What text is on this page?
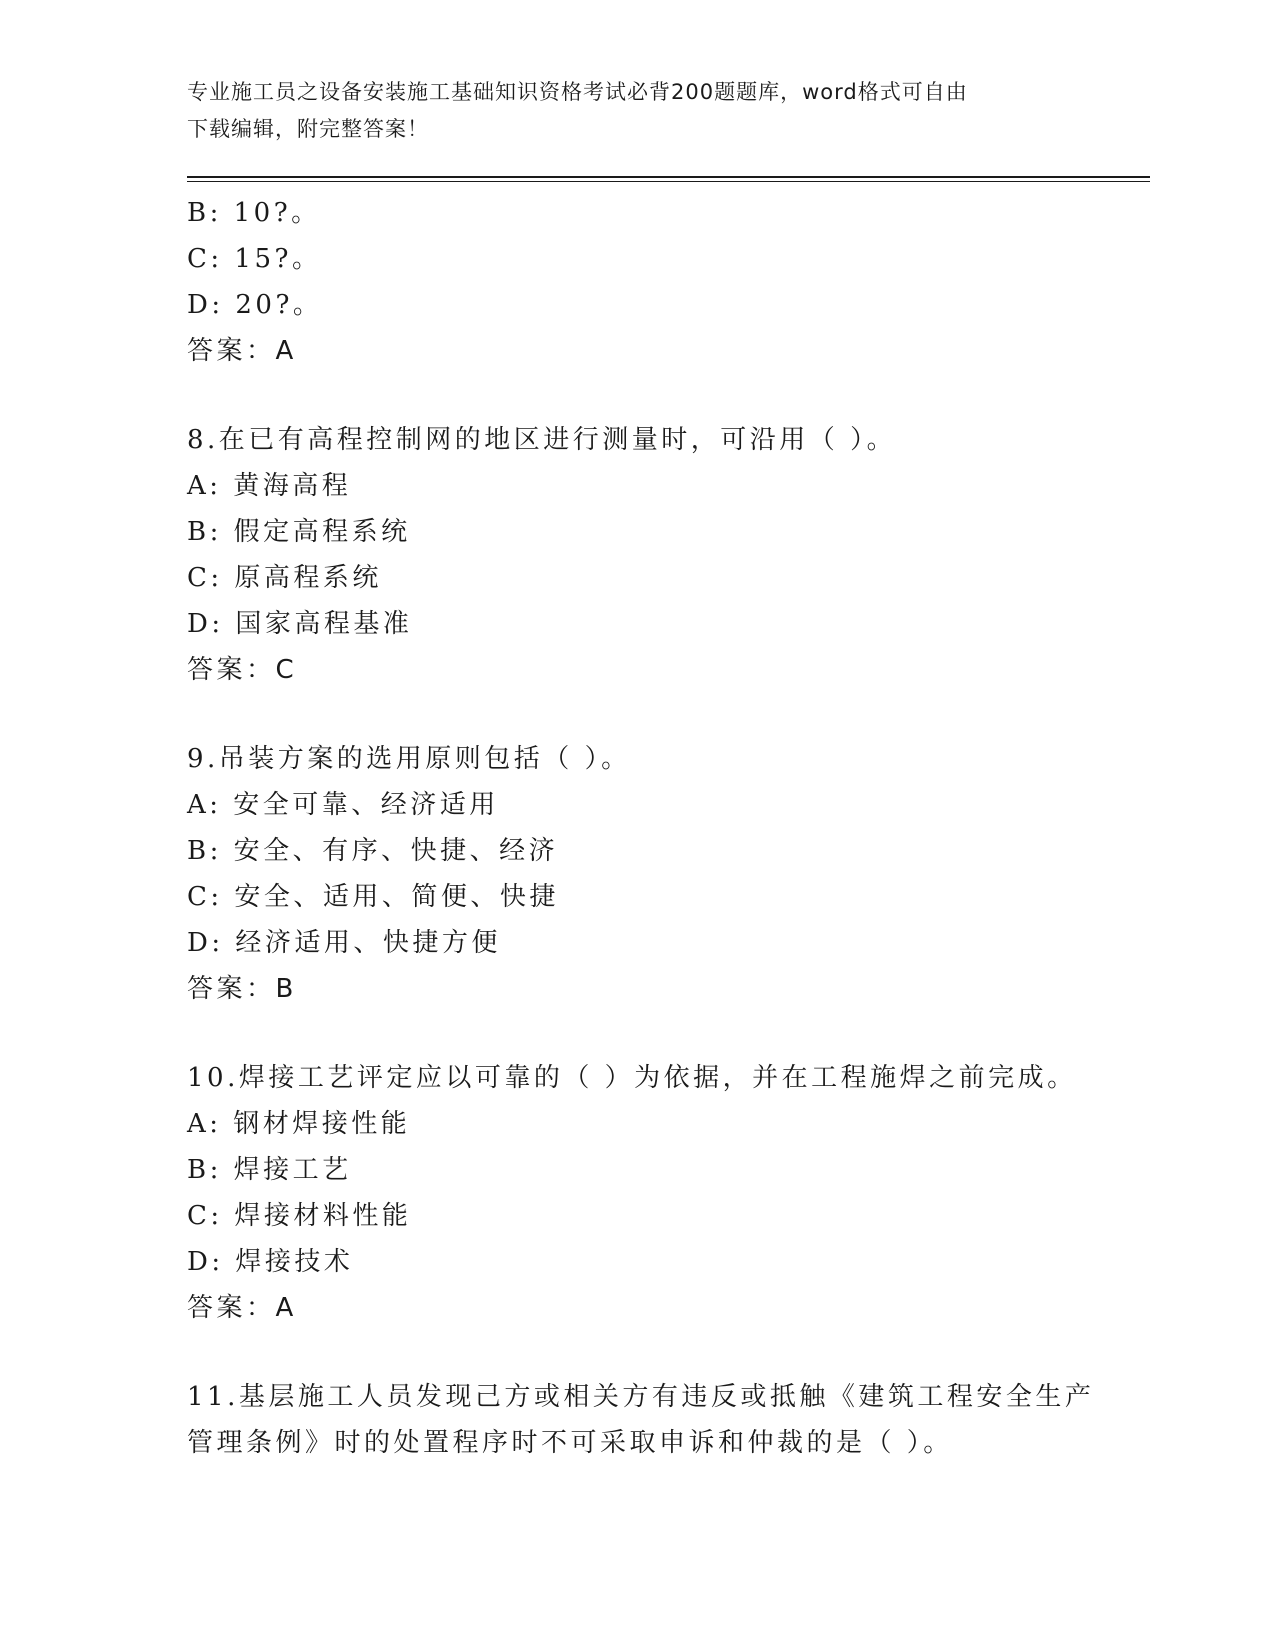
专业施工员之设备安装施工基础知识资格考试必背200题题库，word格式可自由
下载编辑，附完整答案！
B: 10?。
C: 15?。
D: 20?。
答案：A
8.在已有高程控制网的地区进行测量时，可沿用（ ）。
A: 黄海高程
B: 假定高程系统
C: 原高程系统
D: 国家高程基准
答案：C
9.吊装方案的选用原则包括（ ）。
A: 安全可靠、经济适用
B: 安全、有序、快捷、经济
C: 安全、适用、简便、快捷
D: 经济适用、快捷方便
答案：B
10.焊接工艺评定应以可靠的（ ）为依据，并在工程施焊之前完成。
A: 钢材焊接性能
B: 焊接工艺
C: 焊接材料性能
D: 焊接技术
答案：A
11.基层施工人员发现己方或相关方有违反或抵触《建筑工程安全生产
管理条例》时的处置程序时不可采取申诉和仲裁的是（ ）。
